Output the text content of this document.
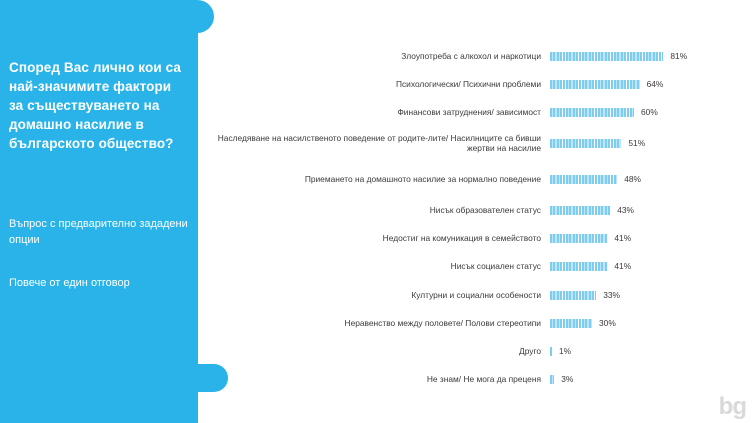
Според Вас лично кои са най-значимите фактори за съществуването на домашно насилие в българското общество?
Въпрос с предварително зададени опции
Повече от един отговор
Злоупотреба с алкохол и наркотици	81%
Психологически/ Психични проблеми	64%
Финансови затруднения/ зависимост	60%
Наследяване на насилственото поведение от родите-лите/ Насилниците са бивши жертви на насилие	51%
Приемането на домашното насилие за нормално поведение	48%
Нисък образователен статус	43%
Недостиг на комуникация в семейството	41%
Нисък социален статус	41%
Културни и социални особености	33%
Неравенство между половете/ Полови стереотипи	30%
Друго	1%
Не знам/ Не мога да преценя	3%
bg
